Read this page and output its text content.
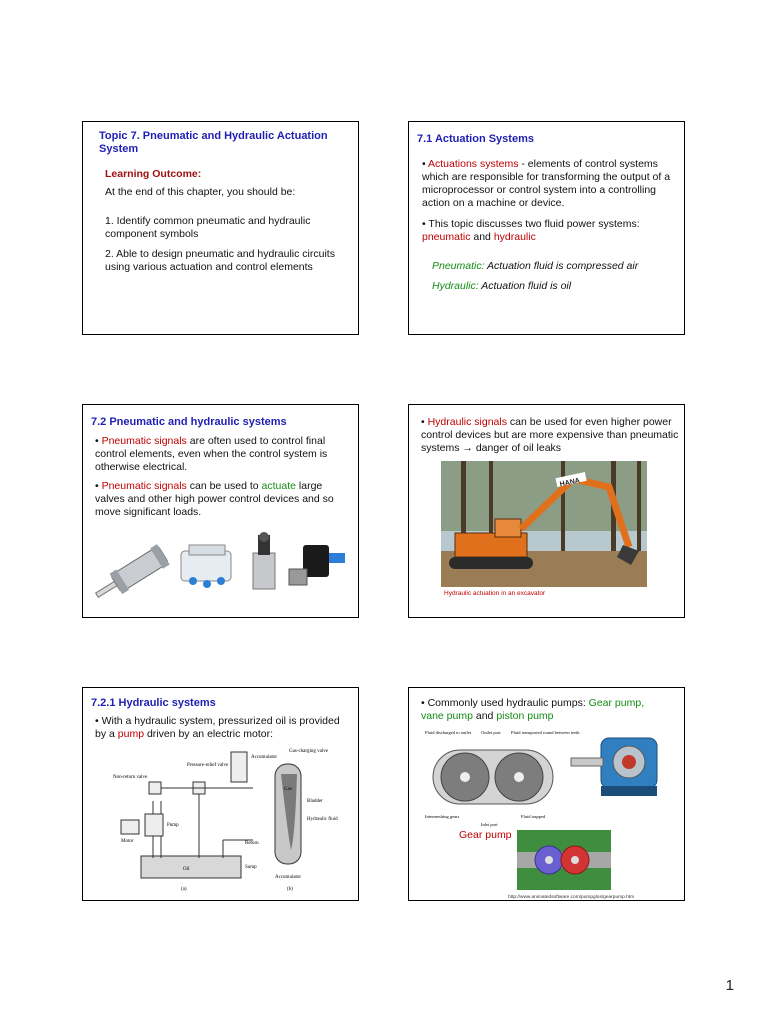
Topic 7. Pneumatic and Hydraulic Actuation System
Learning Outcome:
At the end of this chapter, you should be:
1. Identify common pneumatic and hydraulic component symbols
2. Able to design pneumatic and hydraulic circuits using various actuation and control elements
7.1 Actuation Systems
• Actuations systems - elements of control systems which are responsible for transforming the output of a microprocessor or control system into a controlling action on a machine or device.
• This topic discusses two fluid power systems:
pneumatic and hydraulic
Pneumatic: Actuation fluid is compressed air
Hydraulic: Actuation fluid is oil
7.2 Pneumatic and hydraulic systems
• Pneumatic signals are often used to control final control elements, even when the control system is otherwise electrical.
• Pneumatic signals can be used to actuate large valves and other high power control devices and so move significant loads.
• Hydraulic signals can be used for even higher power control devices but are more expensive than pneumatic systems → danger of oil leaks
HANA
Hydraulic actuation in an excavator
7.2.1 Hydraulic systems
• With a hydraulic system, pressurized oil is provided by a pump driven by an electric motor:
Oil
Non-return valve
Pressure-relief valve
Accumulator
Pump
Motor	Return
Sump
(a)
Gas
Gas-charging valve
Bladder
Hydraulic fluid
Accumulator
(b)
• Commonly used hydraulic pumps: Gear pump,
vane pump and piston pump
Fluid discharged to outlet Outlet port Fluid transported round between teeth
Intermeshing gears
Inlet port
Fluid trapped
Gear pump
http://www.animatedsoftware.com/pumpglos/gearpump.htm
1
